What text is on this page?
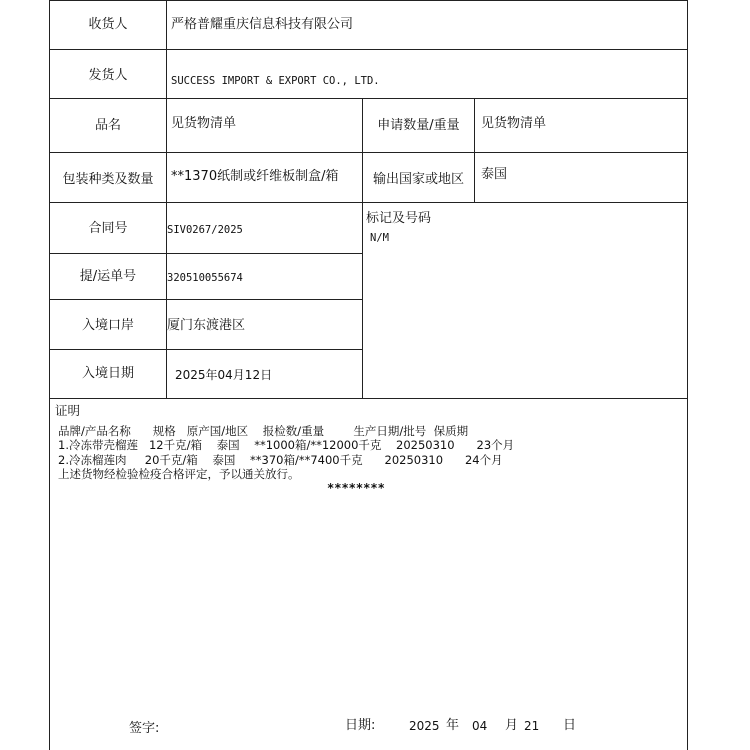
收货人	严格普耀重庆信息科技有限公司
发货人	SUCCESS IMPORT & EXPORT CO., LTD.
品名	见货物清单	申请数量/重量	见货物清单
包装种类及数量	**1370纸制或纤维板制盒/箱	输出国家或地区	泰国
合同号	SIV0267/2025
标记及号码
N/M
提/运单号	320510055674
入境口岸	厦门东渡港区
入境日期	2025年04月12日
证明
品牌/产品名称      规格   原产国/地区    报检数/重量        生产日期/批号  保质期
1.冷冻带壳榴莲   12千克/箱    泰国    **1000箱/**12000千克    20250310      23个月
2.冷冻榴莲肉     20千克/箱    泰国    **370箱/**7400千克      20250310      24个月
上述货物经检验检疫合格评定，予以通关放行。
********
签字:	日期:	2025 年 04 月 21 日
